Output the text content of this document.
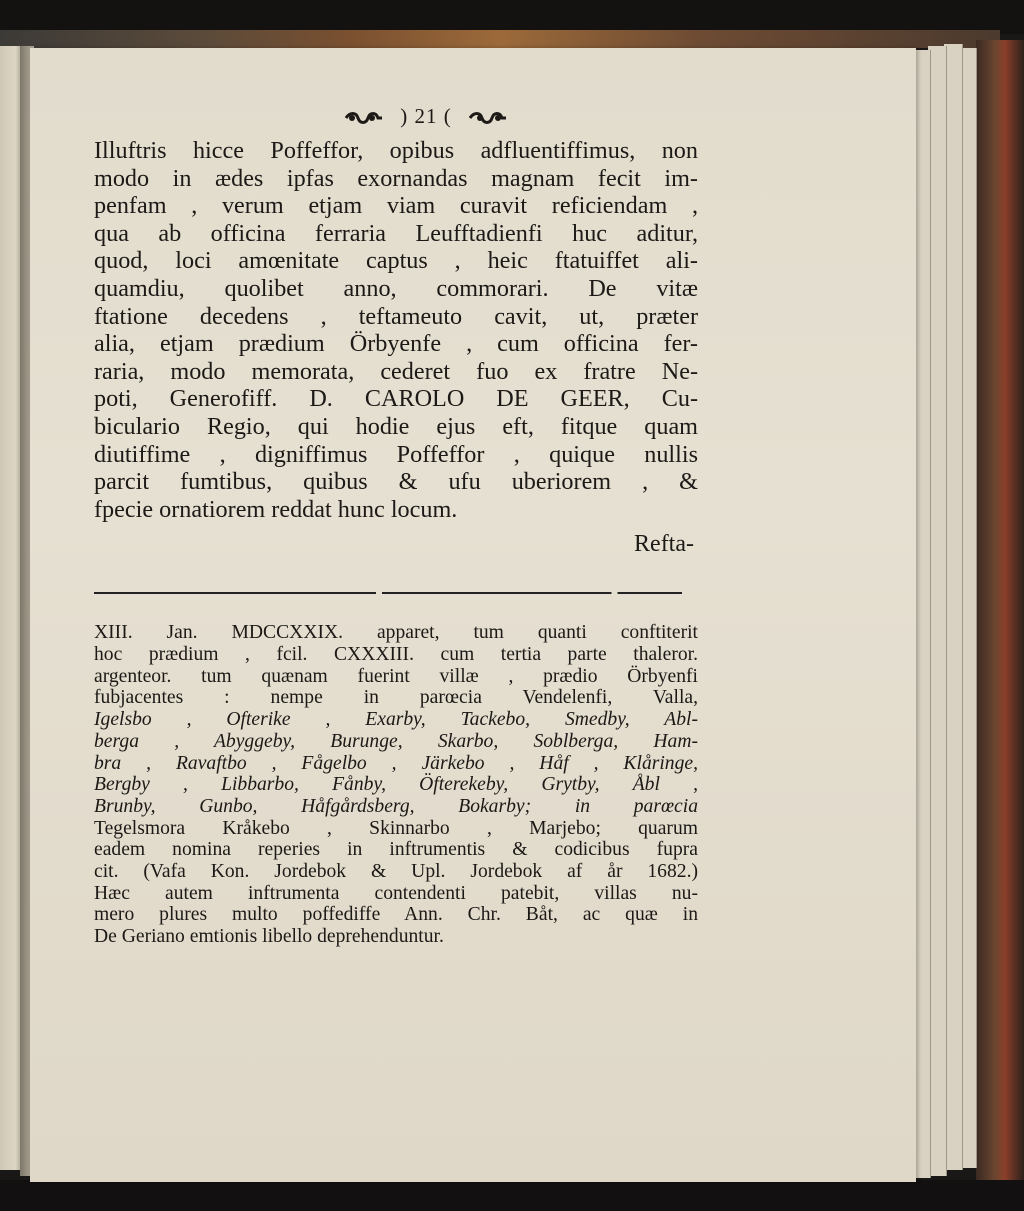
) 21 (

Illuftris hicce Poffeffor, opibus adfluentiffimus, non
modo in ædes ipfas exornandas magnam fecit im-
penfam , verum etjam viam curavit reficiendam ,
qua ab officina ferraria Leufftadienfi huc aditur,
quod, loci amœnitate captus , heic ftatuiffet ali-
quamdiu, quolibet anno, commorari. De vitæ
ftatione decedens , teftameuto cavit, ut, præter
alia, etjam prædium Örbyenfe , cum officina fer-
raria, modo memorata, cederet fuo ex fratre Ne-
poti, Generofiff. D. CAROLO DE GEER, Cu-
biculario Regio, qui hodie ejus eft, fitque quam
diutiffime , digniffimus Poffeffor , quique nullis
parcit fumtibus, quibus & ufu uberiorem , &
fpecie ornatiorem reddat hunc locum.

Refta-
XIII. Jan. MDCCXXIX. apparet, tum quanti conftiterit
hoc prædium , fcil. CXXXIII. cum tertia parte thaleror.
argenteor. tum quænam fuerint villæ , prædio Örbyenfi
fubjacentes : nempe in parœcia Vendelenfi, Valla,
Igelsbo , Ofterike , Exarby, Tackebo, Smedby, Abl-
berga , Abyggeby, Burunge, Skarbo, Soblberga, Ham-
bra , Ravaftbo , Fågelbo , Järkebo , Håf , Klåringe,
Bergby , Libbarbo, Fånby, Öfterekeby, Grytby, Åbl ,
Brunby, Gunbo, Håfgårdsberg, Bokarby; in parœcia
Tegelsmora Kråkebo , Skinnarbo , Marjebo; quarum
eadem nomina reperies in inftrumentis & codicibus fupra
cit. (Vafa Kon. Jordebok & Upl. Jordebok af år 1682.)
Hæc autem inftrumenta contendenti patebit, villas nu-
mero plures multo poffediffe Ann. Chr. Båt, ac quæ in
De Geriano emtionis libello deprehenduntur.
